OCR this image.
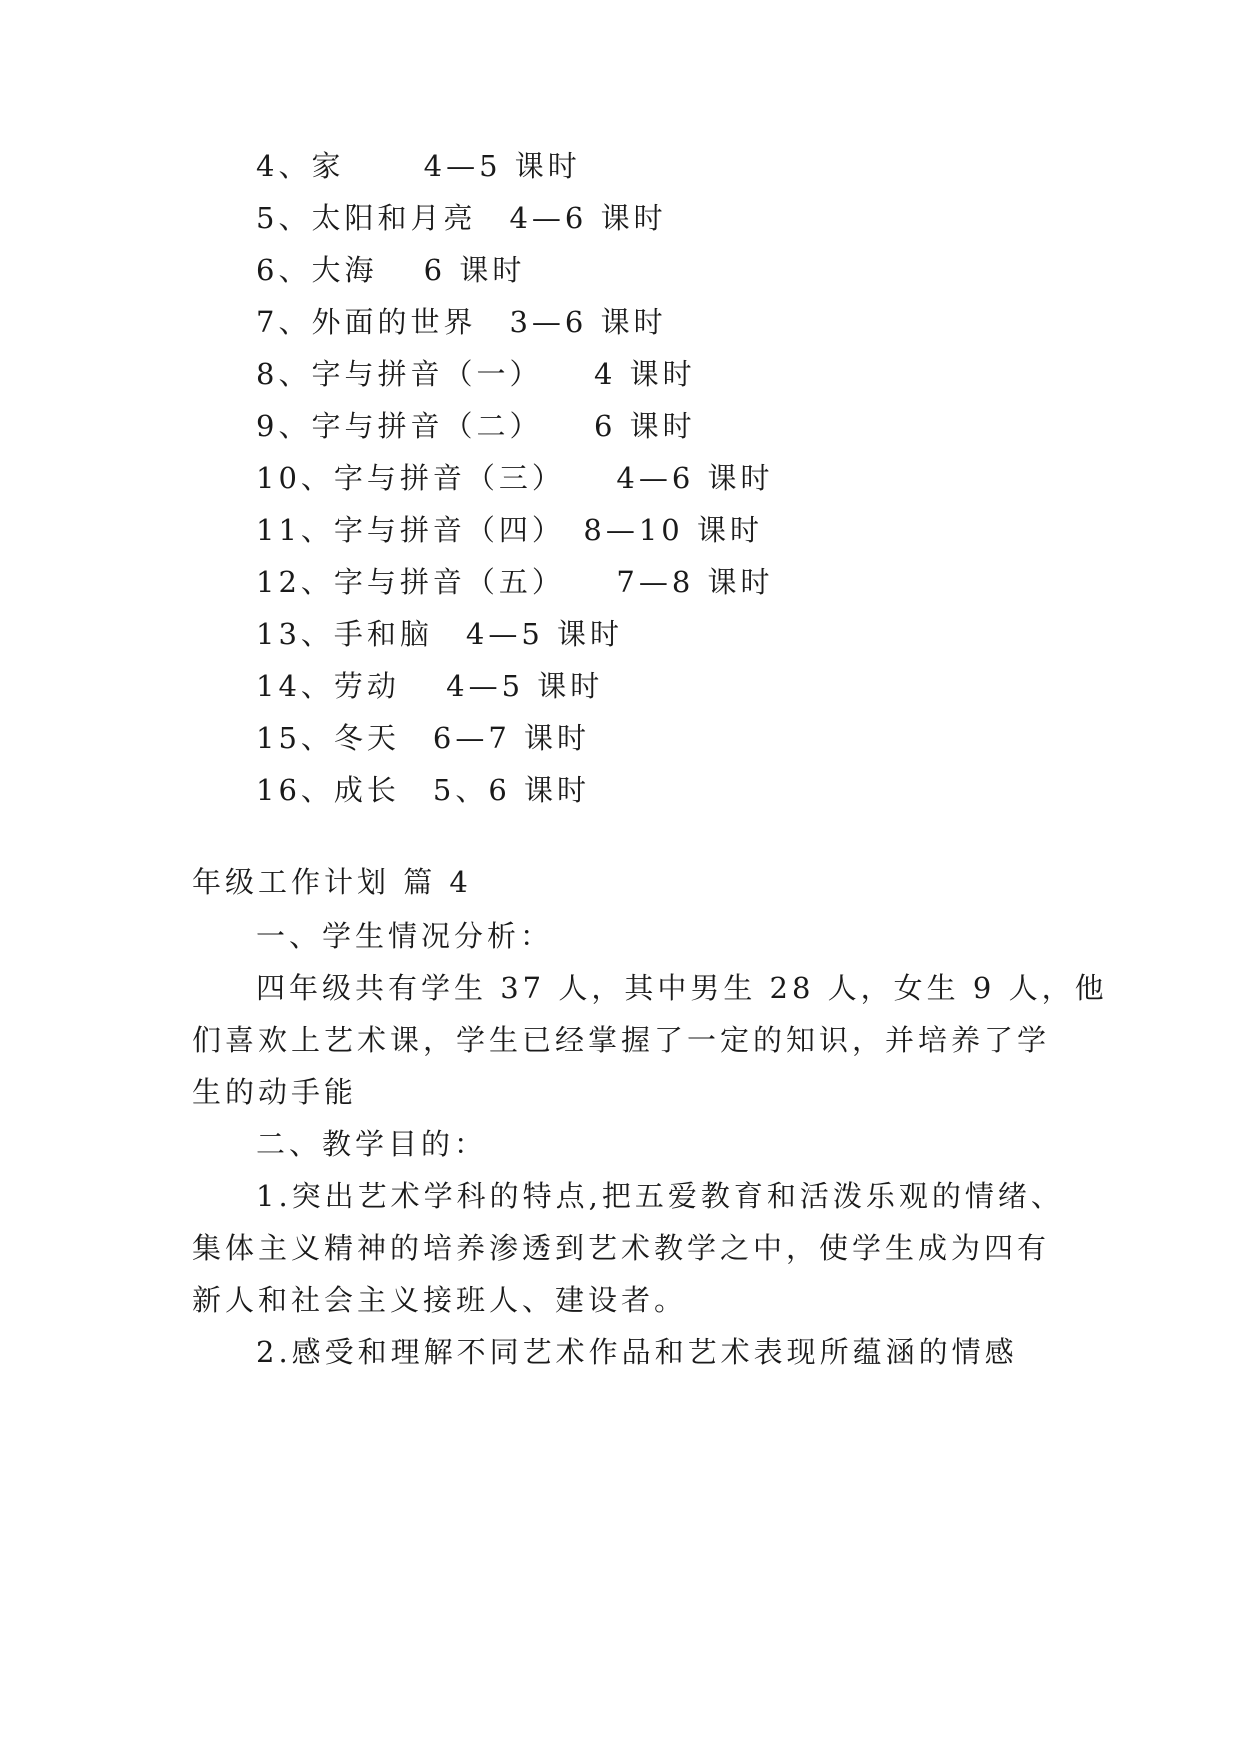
4、家　　 4—5 课时
5、太阳和月亮　4—6 课时
6、大海　 6 课时
7、外面的世界　3—6 课时
8、字与拼音（一）　　4 课时
9、字与拼音（二）　　6 课时
10、字与拼音（三）　　4—6 课时
11、字与拼音（四）　8—10 课时
12、字与拼音（五）　　7—8 课时
13、手和脑　4—5 课时
14、劳动　 4—5 课时
15、冬天　6—7 课时
16、成长　5、6 课时
年级工作计划 篇 4
一、学生情况分析：
四年级共有学生 37 人，其中男生 28 人，女生 9 人，他
们喜欢上艺术课，学生已经掌握了一定的知识，并培养了学
生的动手能
二、教学目的：
1.突出艺术学科的特点,把五爱教育和活泼乐观的情绪、
集体主义精神的培养渗透到艺术教学之中，使学生成为四有
新人和社会主义接班人、建设者。
2.感受和理解不同艺术作品和艺术表现所蕴涵的情感
